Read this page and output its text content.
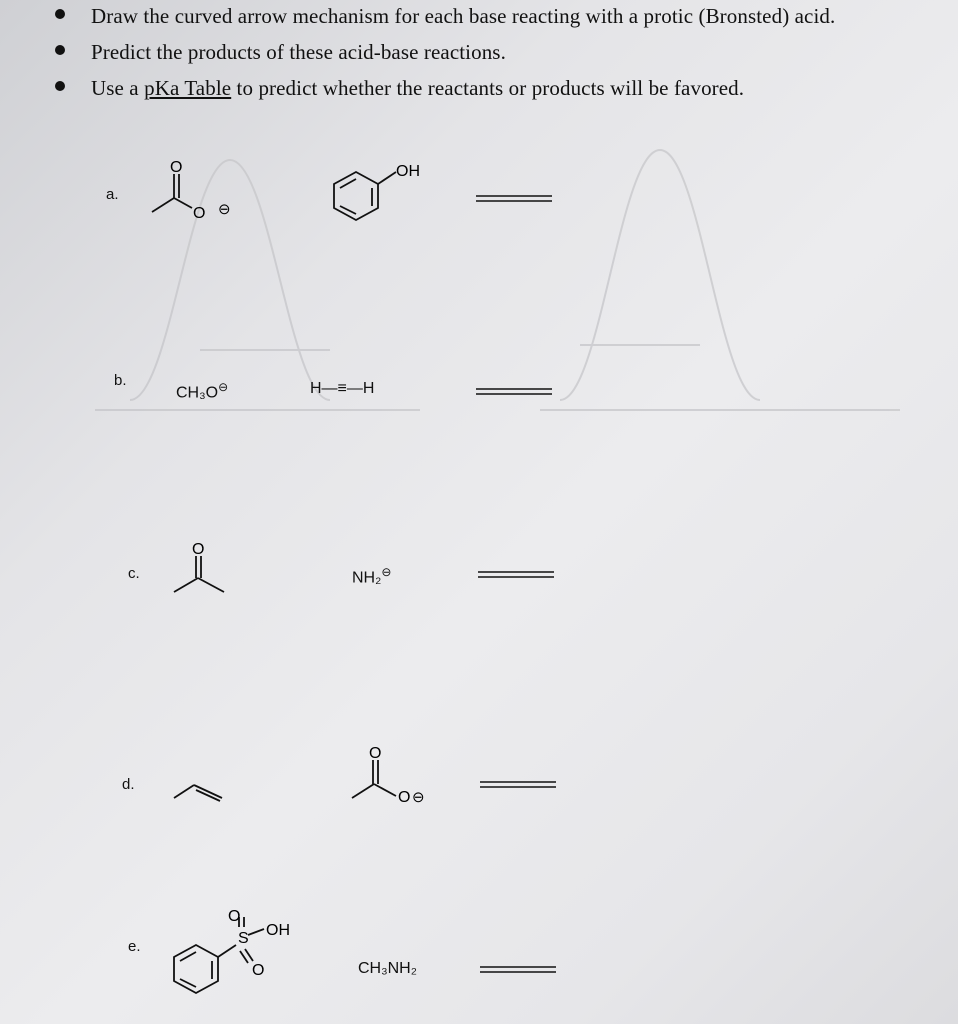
Draw the curved arrow mechanism for each base reacting with a protic (Bronsted) acid.
Predict the products of these acid-base reactions.
Use a pKa Table to predict whether the reactants or products will be favored.
a.
O
O ⊖
OH
b.
CH₃O⊖	H—≡—H
c.
O
NH₂⊖
d.
O
O ⊖
e.
O
S OH
O	CH₃NH₂
